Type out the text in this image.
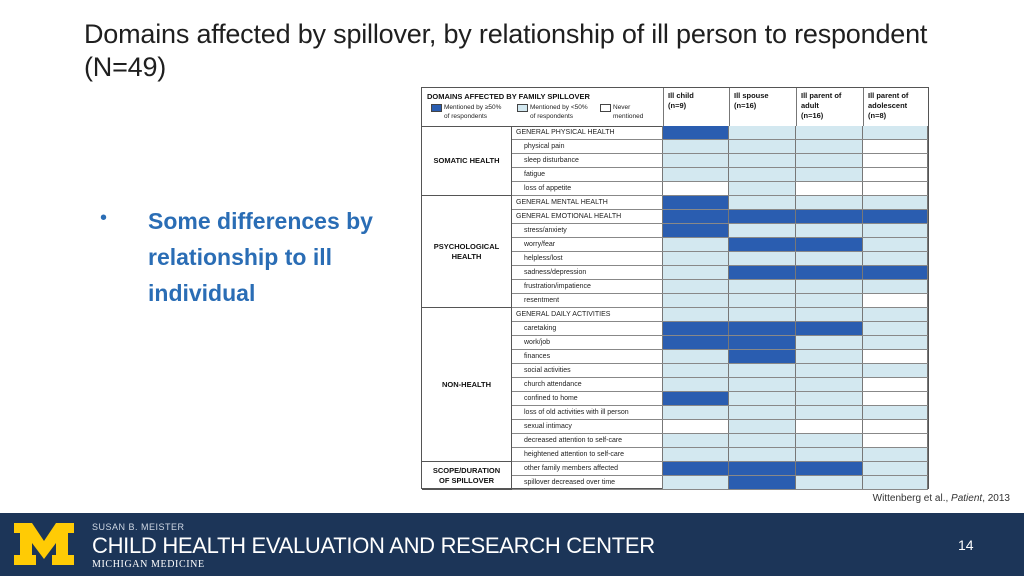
Domains affected by spillover, by relationship of ill person to respondent (N=49)
• Some differences by relationship to ill individual
DOMAINS AFFECTED BY FAMILY SPILLOVER
Mentioned by ≥50% of respondents
Mentioned by <50% of respondents
Never mentioned
Ill child
(n=9)
Ill spouse
(n=16)
Ill parent of
adult
(n=16)
Ill parent of
adolescent
(n=8)
SOMATIC HEALTH
PSYCHOLOGICAL HEALTH
NON-HEALTH
SCOPE/DURATION OF SPILLOVER
GENERAL PHYSICAL HEALTH
physical pain
sleep disturbance
fatigue
loss of appetite
GENERAL MENTAL HEALTH
GENERAL EMOTIONAL HEALTH
stress/anxiety
worry/fear
helpless/lost
sadness/depression
frustration/impatience
resentment
GENERAL DAILY ACTIVITIES
caretaking
work/job
finances
social activities
church attendance
confined to home
loss of old activities with ill person
sexual intimacy
decreased attention to self-care
heightened attention to self-care
other family members affected
spillover decreased over time
Wittenberg et al., Patient, 2013
SUSAN B. MEISTER
CHILD HEALTH EVALUATION AND RESEARCH CENTER
MICHIGAN MEDICINE
14
